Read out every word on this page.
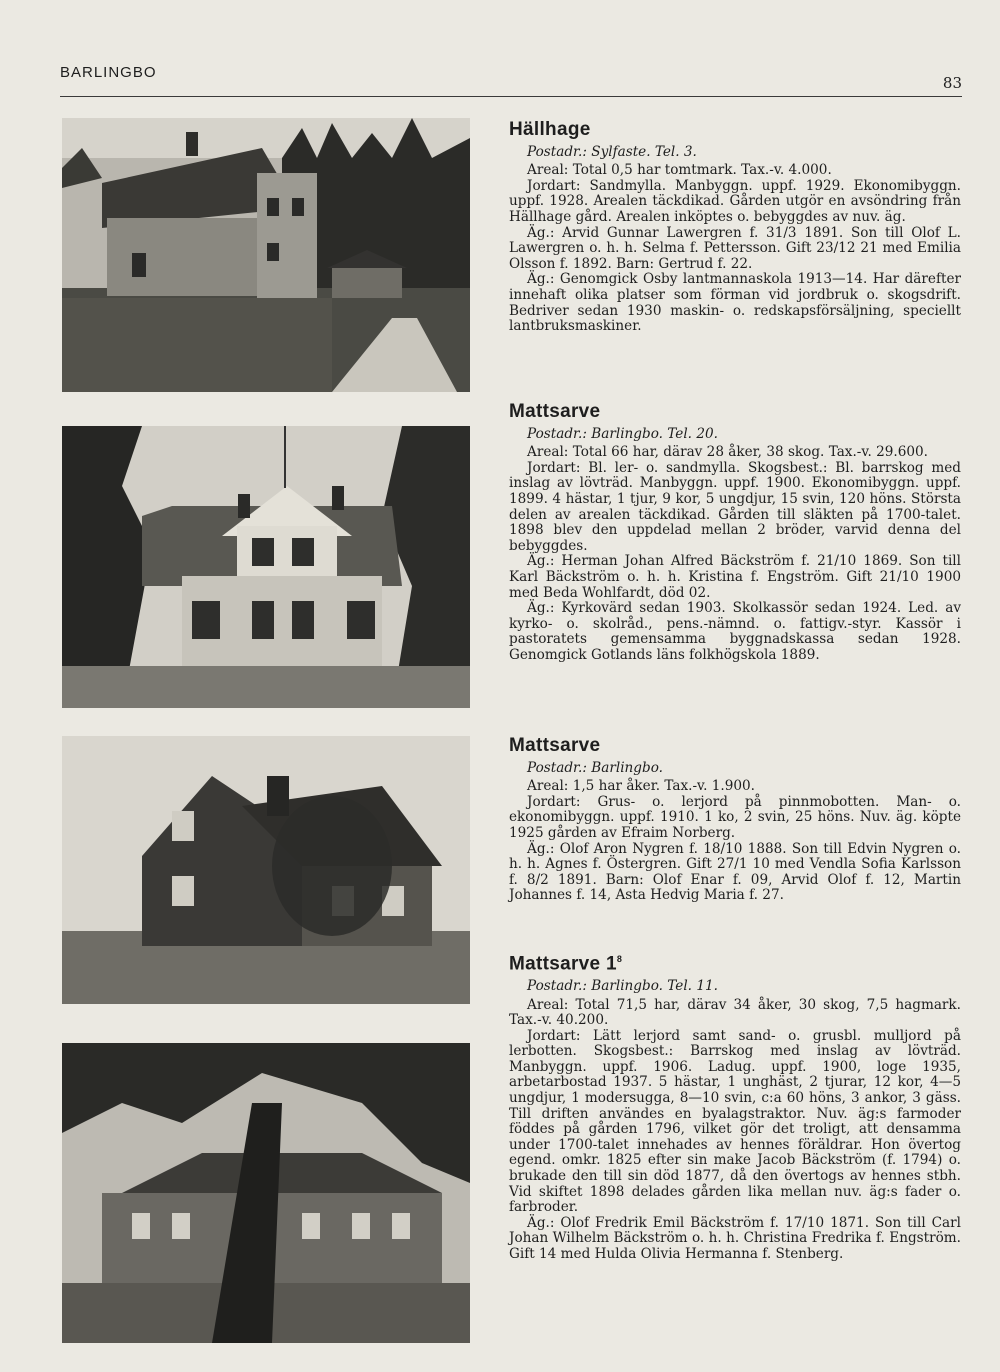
BARLINGBO
83
Hällhage
Postadr.: Sylfaste. Tel. 3.

Areal: Total 0,5 har tomtmark. Tax.-v. 4.000.

Jordart: Sandmylla. Manbyggn. uppf. 1929. Ekonomibyggn. uppf. 1928. Arealen täckdikad. Gården utgör en avsöndring från Hällhage gård. Arealen inköptes o. bebyggdes av nuv. äg.

Äg.: Arvid Gunnar Lawergren f. 31/3 1891. Son till Olof L. Lawergren o. h. h. Selma f. Pettersson. Gift 23/12 21 med Emilia Olsson f. 1892. Barn: Gertrud f. 22.

Äg.: Genomgick Osby lantmannaskola 1913—14. Har därefter innehaft olika platser som förman vid jordbruk o. skogsdrift. Bedriver sedan 1930 maskin- o. redskapsförsäljning, speciellt lantbruksmaskiner.

Mattsarve
Postadr.: Barlingbo. Tel. 20.

Areal: Total 66 har, därav 28 åker, 38 skog. Tax.-v. 29.600.

Jordart: Bl. ler- o. sandmylla. Skogsbest.: Bl. barrskog med inslag av lövträd. Manbyggn. uppf. 1900. Ekonomibyggn. uppf. 1899. 4 hästar, 1 tjur, 9 kor, 5 ungdjur, 15 svin, 120 höns. Största delen av arealen täckdikad. Gården till släkten på 1700-talet. 1898 blev den uppdelad mellan 2 bröder, varvid denna del bebyggdes.

Äg.: Herman Johan Alfred Bäckström f. 21/10 1869. Son till Karl Bäckström o. h. h. Kristina f. Engström. Gift 21/10 1900 med Beda Wohlfardt, död 02.

Äg.: Kyrkovärd sedan 1903. Skolkassör sedan 1924. Led. av kyrko- o. skolråd., pens.-nämnd. o. fattigv.-styr. Kassör i pastoratets gemensamma byggnadskassa sedan 1928. Genomgick Gotlands läns folkhögskola 1889.

Mattsarve
Postadr.: Barlingbo.

Areal: 1,5 har åker. Tax.-v. 1.900.

Jordart: Grus- o. lerjord på pinnmobotten. Man- o. ekonomibyggn. uppf. 1910. 1 ko, 2 svin, 25 höns. Nuv. äg. köpte 1925 gården av Efraim Norberg.

Äg.: Olof Aron Nygren f. 18/10 1888. Son till Edvin Nygren o. h. h. Agnes f. Östergren. Gift 27/1 10 med Vendla Sofia Karlsson f. 8/2 1891. Barn: Olof Enar f. 09, Arvid Olof f. 12, Martin Johannes f. 14, Asta Hedvig Maria f. 27.

Mattsarve $1^8$
Postadr.: Barlingbo. Tel. 11.

Areal: Total 71,5 har, därav 34 åker, 30 skog, 7,5 hagmark. Tax.-v. 40.200.

Jordart: Lätt lerjord samt sand- o. grusbl. mulljord på lerbotten. Skogsbest.: Barrskog med inslag av lövträd. Manbyggn. uppf. 1906. Ladug. uppf. 1900, loge 1935, arbetarbostad 1937. 5 hästar, 1 unghäst, 2 tjurar, 12 kor, 4—5 ungdjur, 1 modersugga, 8—10 svin, c:a 60 höns, 3 ankor, 3 gäss. Till driften användes en byalagstraktor. Nuv. äg:s farmoder föddes på gården 1796, vilket gör det troligt, att densamma under 1700-talet innehades av hennes föräldrar. Hon övertog egend. omkr. 1825 efter sin make Jacob Bäckström (f. 1794) o. brukade den till sin död 1877, då den övertogs av hennes stbh. Vid skiftet 1898 delades gården lika mellan nuv. äg:s fader o. farbroder.

Äg.: Olof Fredrik Emil Bäckström f. 17/10 1871. Son till Carl Johan Wilhelm Bäckström o. h. h. Christina Fredrika f. Engström. Gift 14 med Hulda Olivia Hermanna f. Stenberg.
